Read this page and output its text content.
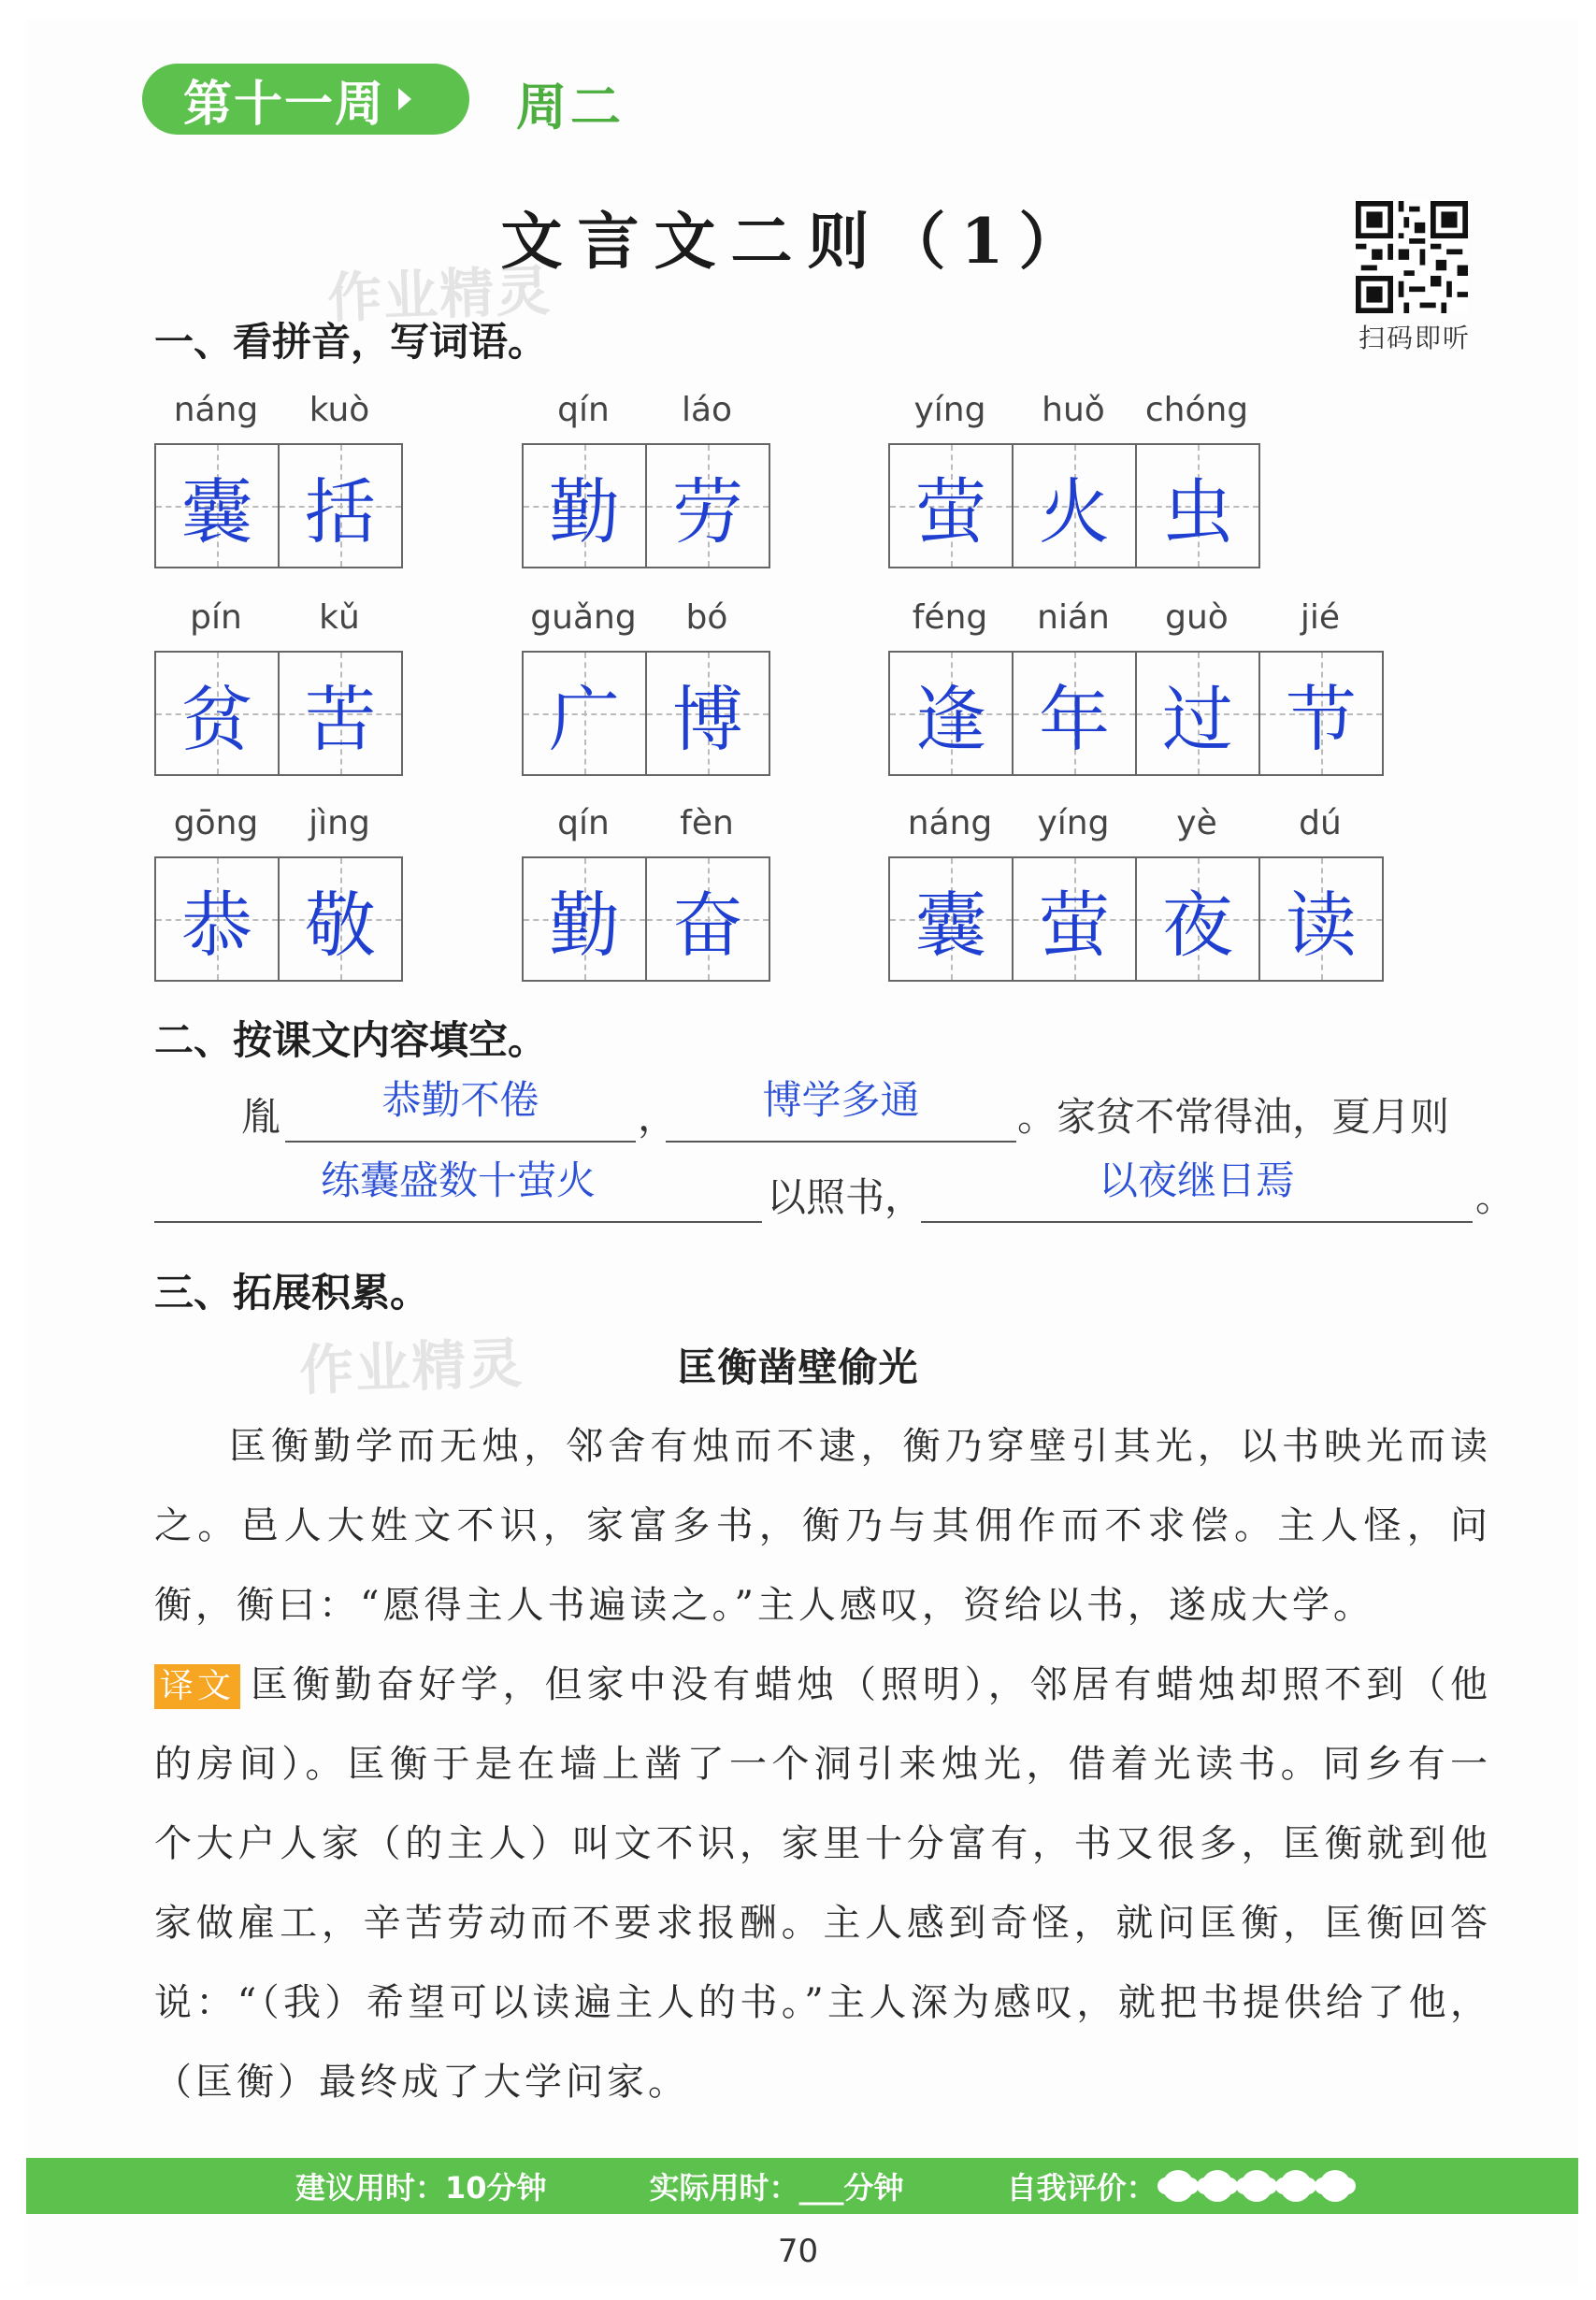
第十一周	周二
文言文二则（1）
扫码即听
作业精灵
作业精灵
一、看拼音，写词语。
náng	kuò
囊 括
qín	láo
勤 劳
yíng	huǒ	chóng
萤 火 虫
pín	kǔ
贫 苦
guǎng	bó
广 博
féng	nián	guò	jié
逢 年 过 节
gōng	jìng
恭 敬
qín	fèn
勤 奋
náng	yíng	yè	dú
囊 萤 夜 读
二、按课文内容填空。
胤	恭勤不倦	，	博学多通	。家贫不常得油，夏月则
练囊盛数十萤火	以照书，	以夜继日焉	。
三、拓展积累。
匡衡凿壁偷光
匡衡勤学而无烛，邻舍有烛而不逮，衡乃穿壁引其光，以书映光而读之。邑人大姓文不识，家富多书，衡乃与其佣作而不求偿。主人怪，问衡，衡曰：“愿得主人书遍读之。”主人感叹，资给以书，遂成大学。
译文 匡衡勤奋好学，但家中没有蜡烛（照明），邻居有蜡烛却照不到（他的房间）。匡衡于是在墙上凿了一个洞引来烛光，借着光读书。同乡有一个大户人家（的主人）叫文不识，家里十分富有，书又很多，匡衡就到他家做雇工，辛苦劳动而不要求报酬。主人感到奇怪，就问匡衡，匡衡回答说：“（我）希望可以读遍主人的书。”主人深为感叹，就把书提供给了他，（匡衡）最终成了大学问家。
建议用时：10分钟	实际用时：___分钟	自我评价：
70
